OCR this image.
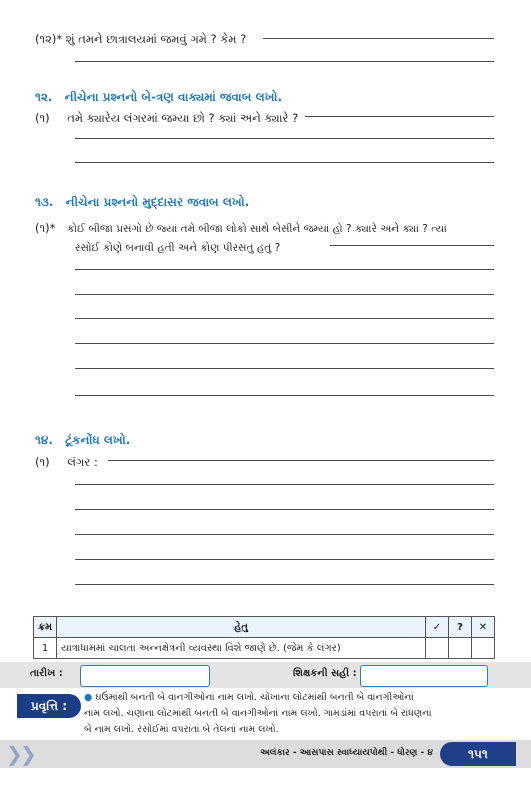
(૧૨)* શું તમને છાત્રાલયમાં જમવું ગમે ? કેમ ?
૧૨. નીચેના પ્રશ્નનો બે-ત્રણ વાક્યમાં જવાબ લખો.
(૧) તમે ક્યારેય લંગરમાં જમ્યા છો ? ક્યાં અને ક્યારે ?
૧૩. નીચેના પ્રશ્નનો મુદ્દાસર જવાબ લખો.
(૧)* કોઈ બીજા પ્રસંગો છે જ્યાં તમે બીજા લોકો સાથે બેસીને જમ્યાં હો ? ક્યારે અને ક્યાં ? ત્યાં
રસોઈ કોણે બનાવી હતી અને કોણ પીરસતું હતું ?
૧૪. ટૂંકનોંધ લખો.
(૧) લંગર :
ક્રમ	હેતુ	✓	?	✕
1	યાત્રાધામમાં ચાલતા અન્નક્ષેત્રની વ્યવસ્થા વિશે જાણે છે. (જેમ કે લંગર)			
તારીખ :	શિક્ષકની સહી :
પ્રવૃત્તિ :
● ઘઉંમાંથી બનતી બે વાનગીઓનાં નામ લખો. ચોખાના લોટમાંથી બનતી બે વાનગીઓનાં
નામ લખો. ચણાના લોટમાંથી બનતી બે વાનગીઓનાં નામ લખો. ગામડાંમાં વપરાતાં બે રાંધણનાં
બે નામ લખો. રસોઈમાં વપરાતાં બે તેલનાં નામ લખો.
❯
❯	અલંકાર - આસપાસ સ્વાધ્યાયપોથી - ધોરણ - ૪	૧૫૧
